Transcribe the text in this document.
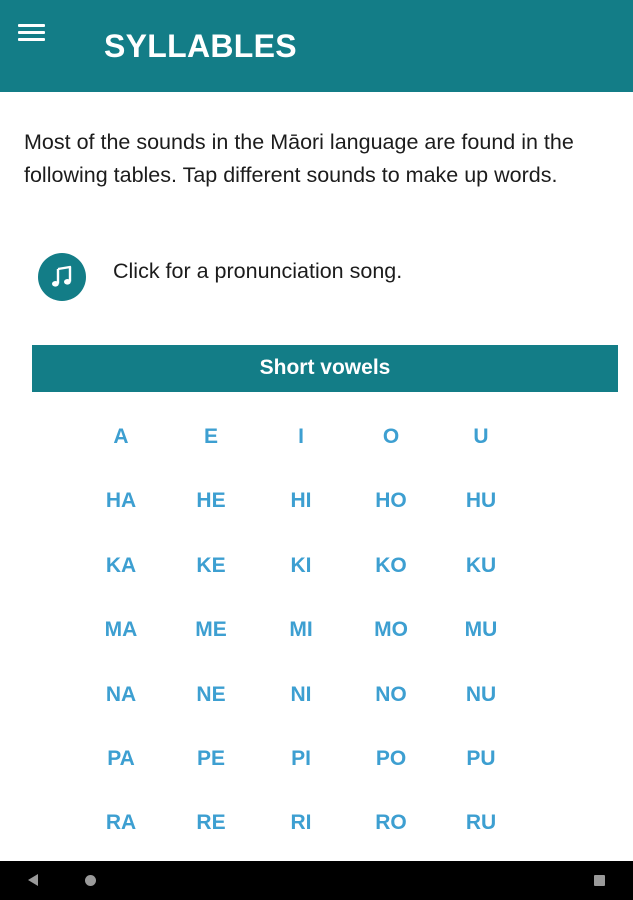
SYLLABLES

Most of the sounds in the Māori language are found in the following tables. Tap different sounds to make up words.

Click for a pronunciation song.
Short vowels
A	E	I	O	U
HA	HE	HI	HO	HU
KA	KE	KI	KO	KU
MA	ME	MI	MO	MU
NA	NE	NI	NO	NU
PA	PE	PI	PO	PU
RA	RE	RI	RO	RU
